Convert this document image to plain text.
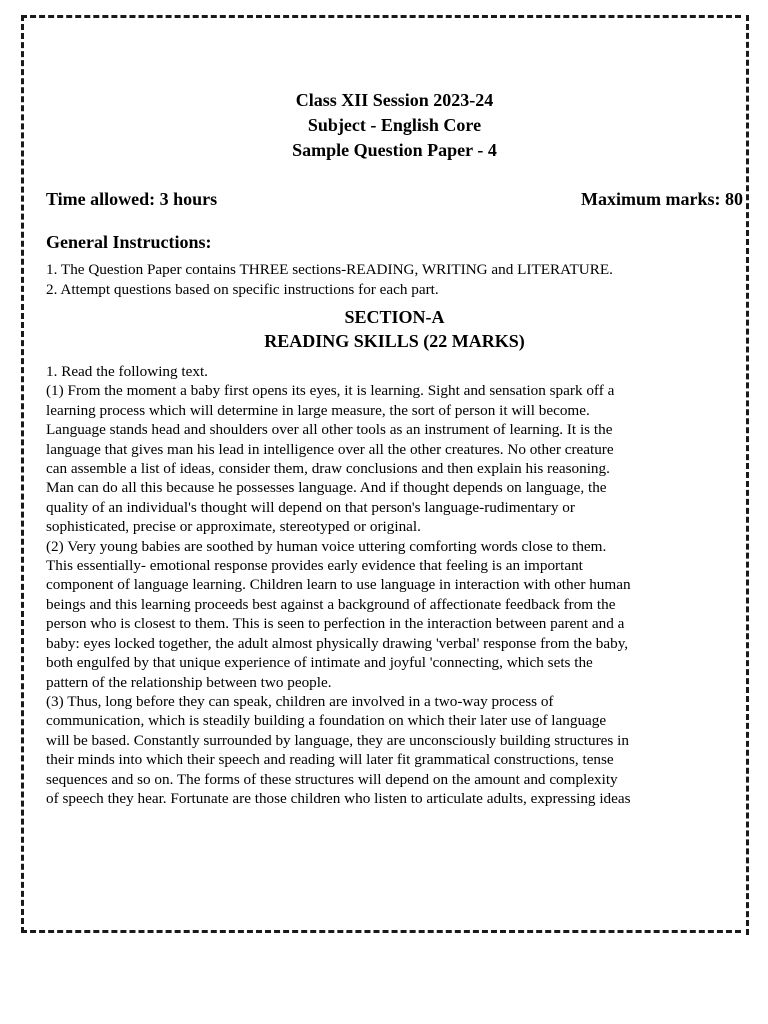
Class XII Session 2023-24
Subject - English Core
Sample Question Paper - 4
Time allowed: 3 hours	Maximum marks: 80
General Instructions:
1. The Question Paper contains THREE sections-READING, WRITING and LITERATURE.
2. Attempt questions based on specific instructions for each part.
SECTION-A
READING SKILLS (22 MARKS)
1. Read the following text.
(1) From the moment a baby first opens its eyes, it is learning. Sight and sensation spark off a
learning process which will determine in large measure, the sort of person it will become.
Language stands head and shoulders over all other tools as an instrument of learning. It is the
language that gives man his lead in intelligence over all the other creatures. No other creature
can assemble a list of ideas, consider them, draw conclusions and then explain his reasoning.
Man can do all this because he possesses language. And if thought depends on language, the
quality of an individual's thought will depend on that person's language-rudimentary or
sophisticated, precise or approximate, stereotyped or original.
(2) Very young babies are soothed by human voice uttering comforting words close to them.
This essentially- emotional response provides early evidence that feeling is an important
component of language learning. Children learn to use language in interaction with other human
beings and this learning proceeds best against a background of affectionate feedback from the
person who is closest to them. This is seen to perfection in the interaction between parent and a
baby: eyes locked together, the adult almost physically drawing 'verbal' response from the baby,
both engulfed by that unique experience of intimate and joyful 'connecting, which sets the
pattern of the relationship between two people.
(3) Thus, long before they can speak, children are involved in a two-way process of
communication, which is steadily building a foundation on which their later use of language
will be based. Constantly surrounded by language, they are unconsciously building structures in
their minds into which their speech and reading will later fit grammatical constructions, tense
sequences and so on. The forms of these structures will depend on the amount and complexity
of speech they hear. Fortunate are those children who listen to articulate adults, expressing ideas
